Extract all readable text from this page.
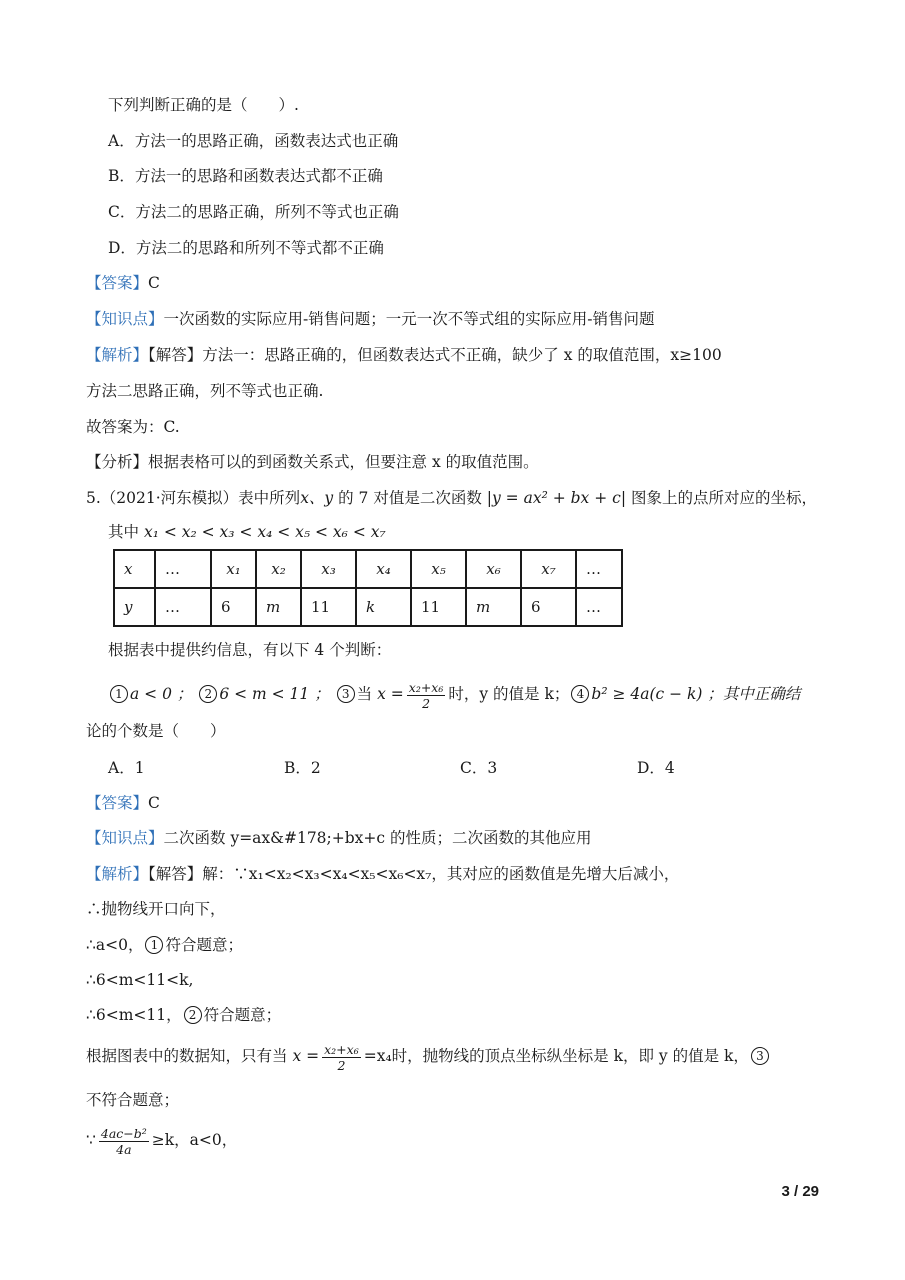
下列判断正确的是（　　）.
A．方法一的思路正确，函数表达式也正确
B．方法一的思路和函数表达式都不正确
C．方法二的思路正确，所列不等式也正确
D．方法二的思路和所列不等式都不正确
【答案】C
【知识点】一次函数的实际应用-销售问题；一元一次不等式组的实际应用-销售问题
【解析】【解答】方法一：思路正确的，但函数表达式不正确，缺少了 x 的取值范围，x≥100
方法二思路正确，列不等式也正确.
故答案为：C.
【分析】根据表格可以的到函数关系式，但要注意 x 的取值范围。
5.（2021·河东模拟）表中所列x、y 的 7 对值是二次函数 |y = ax² + bx + c| 图象上的点所对应的坐标，
其中 x₁ < x₂ < x₃ < x₄ < x₅ < x₆ < x₇
x	…	x₁	x₂	x₃	x₄	x₅	x₆	x₇	…
y	…	6	m	11	k	11	m	6	…
根据表中提供约信息，有以下 4 个判断：
1 a < 0 ； 2 6 < m < 11 ； 3 当 $x = \frac{\text{x₂+x₆}}{2}$ 时，y 的值是 k； 4 b² ≥ 4a(c − k) ；其中正确结
论的个数是（　　）
A．1	B．2	C．3	D．4
【答案】C
【知识点】二次函数 y=ax&#178;+bx+c 的性质；二次函数的其他应用
【解析】【解答】解：∵x₁<x₂<x₃<x₄<x₅<x₆<x₇，其对应的函数值是先增大后减小，
∴抛物线开口向下，
∴a<0， 1 符合题意；
∴6<m<11<k,
∴6<m<11， 2 符合题意；
根据图表中的数据知，只有当 $x = \frac{\text{x₂+x₆}}{2} =x_4$时，抛物线的顶点坐标纵坐标是 k，即 y 的值是 k， 3
不符合题意；
∵ $\frac{\text{4ac−b²}}{4a} \ge k$，a<0，
3 / 29
